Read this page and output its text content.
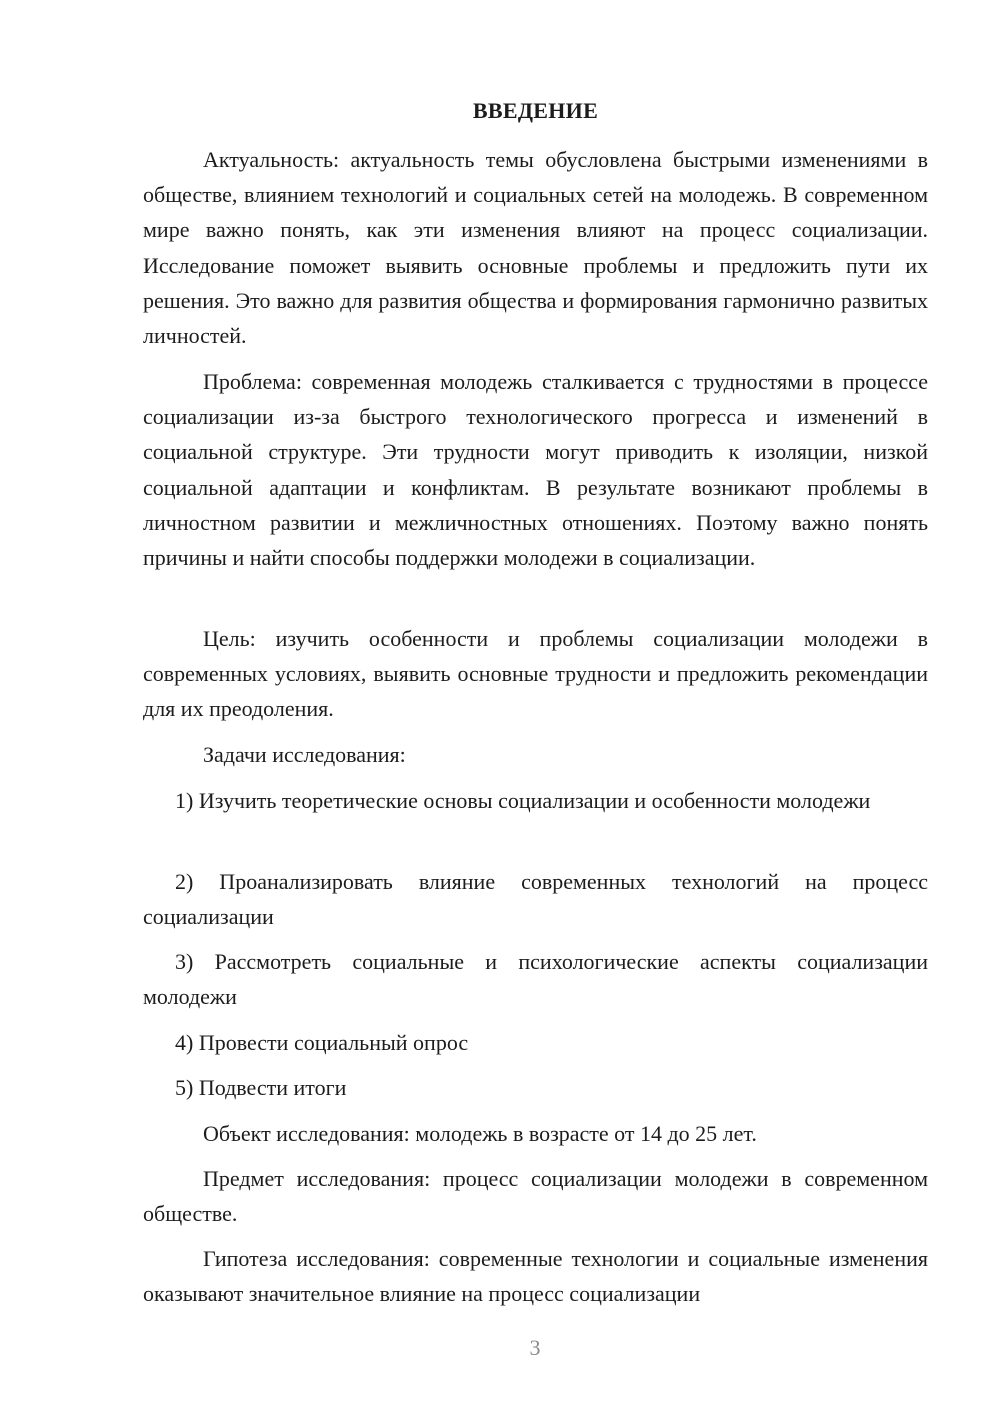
ВВЕДЕНИЕ

Актуальность: актуальность темы обусловлена быстрыми изменениями в обществе, влиянием технологий и социальных сетей на молодежь. В современном мире важно понять, как эти изменения влияют на процесс социализации. Исследование поможет выявить основные проблемы и предложить пути их решения. Это важно для развития общества и формирования гармонично развитых личностей.

Проблема: современная молодежь сталкивается с трудностями в процессе социализации из-за быстрого технологического прогресса и изменений в социальной структуре. Эти трудности могут приводить к изоляции, низкой социальной адаптации и конфликтам. В результате возникают проблемы в личностном развитии и межличностных отношениях. Поэтому важно понять причины и найти способы поддержки молодежи в социализации.

Цель: изучить особенности и проблемы социализации молодежи в современных условиях, выявить основные трудности и предложить рекомендации для их преодоления.

Задачи исследования:

1) Изучить теоретические основы социализации и особенности молодежи

2) Проанализировать влияние современных технологий на процесс социализации

3) Рассмотреть социальные и психологические аспекты социализации молодежи

4) Провести социальный опрос

5) Подвести итоги

Объект исследования: молодежь в возрасте от 14 до 25 лет.

Предмет исследования: процесс социализации молодежи в современном обществе.

Гипотеза исследования: современные технологии и социальные изменения оказывают значительное влияние на процесс социализации

3
